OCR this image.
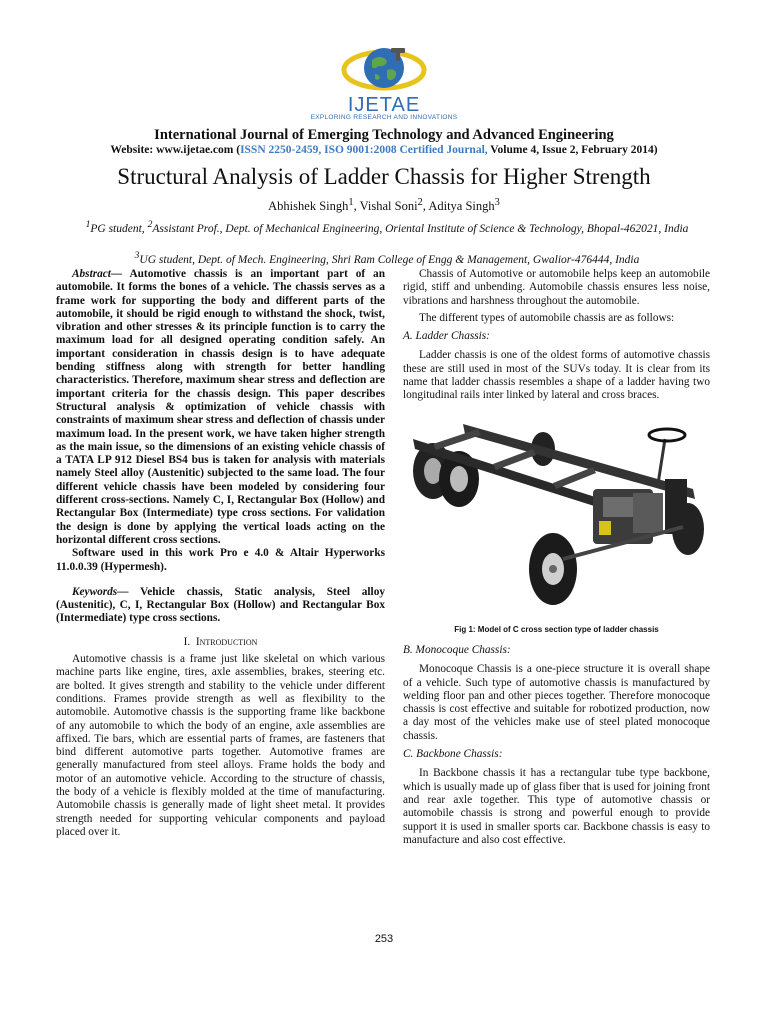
IJETAE
EXPLORING RESEARCH AND INNOVATIONS
International Journal of Emerging Technology and Advanced Engineering
Website: www.ijetae.com (ISSN 2250-2459, ISO 9001:2008 Certified Journal, Volume 4, Issue 2, February 2014)
Structural Analysis of Ladder Chassis for Higher Strength
Abhishek Singh$^1$, Vishal Soni$^2$, Aditya Singh$^3$
$^1$PG student, $^2$Assistant Prof., Dept. of Mechanical Engineering, Oriental Institute of Science & Technology, Bhopal-462021, India
$^3$UG student, Dept. of Mech. Engineering, Shri Ram College of Engg & Management, Gwalior-476444, India

Abstract— Automotive chassis is an important part of an automobile. It forms the bones of a vehicle. The chassis serves as a frame work for supporting the body and different parts of the automobile, it should be rigid enough to withstand the shock, twist, vibration and other stresses & its principle function is to carry the maximum load for all designed operating condition safely. An important consideration in chassis design is to have adequate bending stiffness along with strength for better handling characteristics. Therefore, maximum shear stress and deflection are important criteria for the chassis design. This paper describes Structural analysis & optimization of vehicle chassis with constraints of maximum shear stress and deflection of chassis under maximum load. In the present work, we have taken higher strength as the main issue, so the dimensions of an existing vehicle chassis of a TATA LP 912 Diesel BS4 bus is taken for analysis with materials namely Steel alloy (Austenitic) subjected to the same load. The four different vehicle chassis have been modeled by considering four different cross-sections. Namely C, I, Rectangular Box (Hollow) and Rectangular Box (Intermediate) type cross sections. For validation the design is done by applying the vertical loads acting on the horizontal different cross sections.

Software used in this work Pro e 4.0 & Altair Hyperworks 11.0.0.39 (Hypermesh).

Keywords— Vehicle chassis, Static analysis, Steel alloy (Austenitic), C, I, Rectangular Box (Hollow) and Rectangular Box (Intermediate) type cross sections.

I. Introduction

Automotive chassis is a frame just like skeletal on which various machine parts like engine, tires, axle assemblies, brakes, steering etc. are bolted. It gives strength and stability to the vehicle under different conditions. Frames provide strength as well as flexibility to the automobile. Automotive chassis is the supporting frame like backbone of any automobile to which the body of an engine, axle assemblies are affixed. Tie bars, which are essential parts of frames, are fasteners that bind different automotive parts together. Automotive frames are generally manufactured from steel alloys. Frame holds the body and motor of an automotive vehicle. According to the structure of chassis, the body of a vehicle is flexibly molded at the time of manufacturing. Automobile chassis is generally made of light sheet metal. It provides strength needed for supporting vehicular components and payload placed over it.

Chassis of Automotive or automobile helps keep an automobile rigid, stiff and unbending. Automobile chassis ensures less noise, vibrations and harshness throughout the automobile.

The different types of automobile chassis are as follows:

A. Ladder Chassis:

Ladder chassis is one of the oldest forms of automotive chassis these are still used in most of the SUVs today. It is clear from its name that ladder chassis resembles a shape of a ladder having two longitudinal rails inter linked by lateral and cross braces.

Fig 1: Model of C cross section type of ladder chassis

B. Monocoque Chassis:

Monocoque Chassis is a one-piece structure it is overall shape of a vehicle. Such type of automotive chassis is manufactured by welding floor pan and other pieces together. Therefore monocoque chassis is cost effective and suitable for robotized production, now a day most of the vehicles make use of steel plated monocoque chassis.

C. Backbone Chassis:

In Backbone chassis it has a rectangular tube type backbone, which is usually made up of glass fiber that is used for joining front and rear axle together. This type of automotive chassis or automobile chassis is strong and powerful enough to provide support it is used in smaller sports car. Backbone chassis is easy to manufacture and also cost effective.

253
